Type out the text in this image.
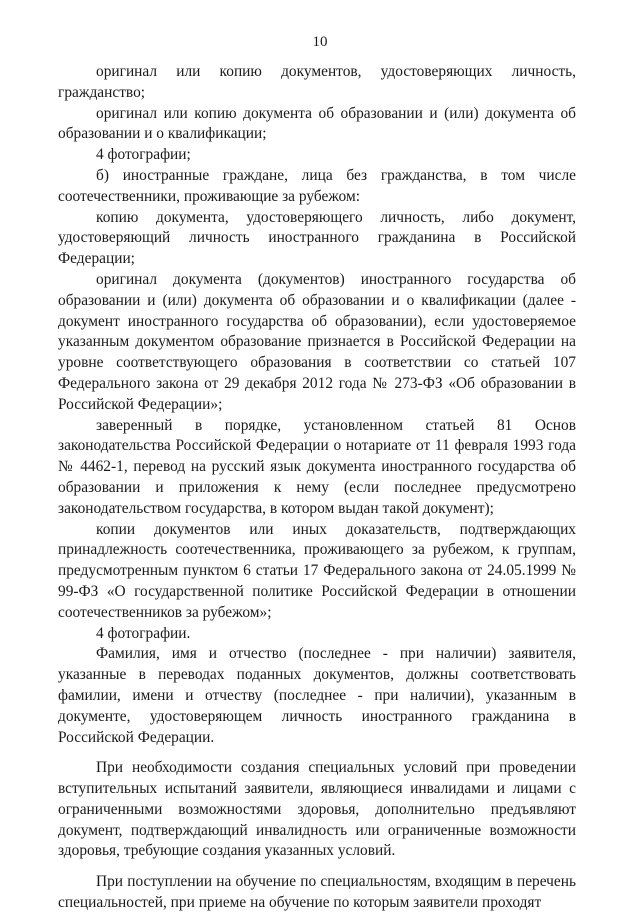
10

оригинал или копию документов, удостоверяющих личность, гражданство;

оригинал или копию документа об образовании и (или) документа об образовании и о квалификации;

4 фотографии;

б) иностранные граждане, лица без гражданства, в том числе соотечественники, проживающие за рубежом:

копию документа, удостоверяющего личность, либо документ, удостоверяющий личность иностранного гражданина в Российской Федерации;

оригинал документа (документов) иностранного государства об образовании и (или) документа об образовании и о квалификации (далее - документ иностранного государства об образовании), если удостоверяемое указанным документом образование признается в Российской Федерации на уровне соответствующего образования в соответствии со статьей 107 Федерального закона от 29 декабря 2012 года № 273-ФЗ «Об образовании в Российской Федерации»;

заверенный в порядке, установленном статьей 81 Основ законодательства Российской Федерации о нотариате от 11 февраля 1993 года № 4462-1, перевод на русский язык документа иностранного государства об образовании и приложения к нему (если последнее предусмотрено законодательством государства, в котором выдан такой документ);

копии документов или иных доказательств, подтверждающих принадлежность соотечественника, проживающего за рубежом, к группам, предусмотренным пунктом 6 статьи 17 Федерального закона от 24.05.1999 № 99-ФЗ «О государственной политике Российской Федерации в отношении соотечественников за рубежом»;

4 фотографии.

Фамилия, имя и отчество (последнее - при наличии) заявителя, указанные в переводах поданных документов, должны соответствовать фамилии, имени и отчеству (последнее - при наличии), указанным в документе, удостоверяющем личность иностранного гражданина в Российской Федерации.

При необходимости создания специальных условий при проведении вступительных испытаний заявители, являющиеся инвалидами и лицами с ограниченными возможностями здоровья, дополнительно предъявляют документ, подтверждающий инвалидность или ограниченные возможности здоровья, требующие создания указанных условий.

При поступлении на обучение по специальностям, входящим в перечень специальностей, при приеме на обучение по которым заявители проходят
